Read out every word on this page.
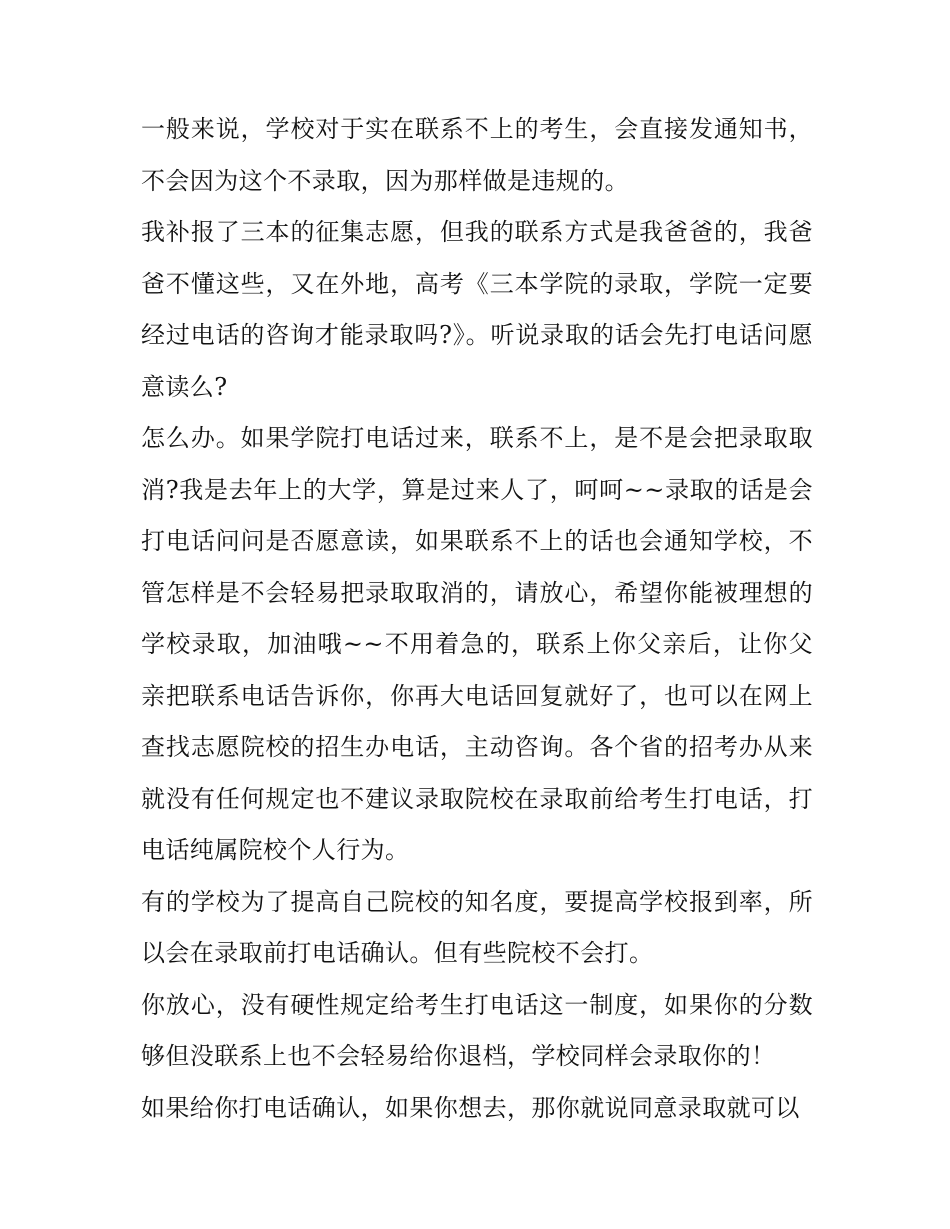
一般来说，学校对于实在联系不上的考生，会直接发通知书，不会因为这个不录取，因为那样做是违规的。

我补报了三本的征集志愿，但我的联系方式是我爸爸的，我爸爸不懂这些，又在外地，高考《三本学院的录取，学院一定要经过电话的咨询才能录取吗?》。听说录取的话会先打电话问愿意读么?

怎么办。如果学院打电话过来，联系不上，是不是会把录取取消?我是去年上的大学，算是过来人了，呵呵~~录取的话是会打电话问问是否愿意读，如果联系不上的话也会通知学校，不管怎样是不会轻易把录取取消的，请放心，希望你能被理想的学校录取，加油哦~~不用着急的，联系上你父亲后，让你父亲把联系电话告诉你，你再大电话回复就好了，也可以在网上查找志愿院校的招生办电话，主动咨询。各个省的招考办从来就没有任何规定也不建议录取院校在录取前给考生打电话，打电话纯属院校个人行为。

有的学校为了提高自己院校的知名度，要提高学校报到率，所以会在录取前打电话确认。但有些院校不会打。

你放心，没有硬性规定给考生打电话这一制度，如果你的分数够但没联系上也不会轻易给你退档，学校同样会录取你的！

如果给你打电话确认，如果你想去，那你就说同意录取就可以
